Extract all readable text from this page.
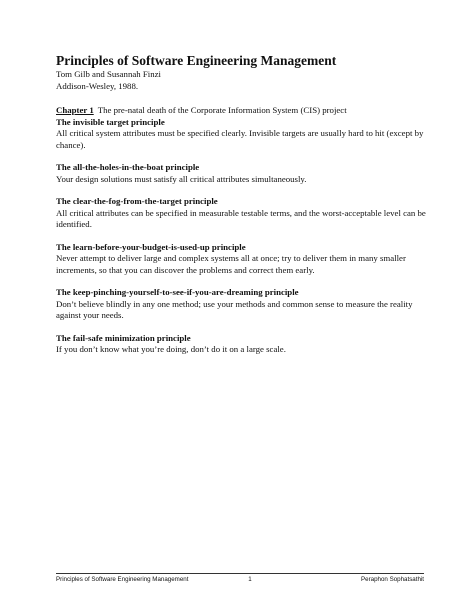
Principles of Software Engineering Management

Tom Gilb and Susannah Finzi

Addison-Wesley, 1988.

Chapter 1 The pre-natal death of the Corporate Information System (CIS) project

The invisible target principle

All critical system attributes must be specified clearly. Invisible targets are usually hard to hit (except by chance).

The all-the-holes-in-the-boat principle

Your design solutions must satisfy all critical attributes simultaneously.

The clear-the-fog-from-the-target principle

All critical attributes can be specified in measurable testable terms, and the worst-acceptable level can be identified.

The learn-before-your-budget-is-used-up principle

Never attempt to deliver large and complex systems all at once; try to deliver them in many smaller increments, so that you can discover the problems and correct them early.

The keep-pinching-yourself-to-see-if-you-are-dreaming principle

Don’t believe blindly in any one method; use your methods and common sense to measure the reality against your needs.

The fail-safe minimization principle

If you don’t know what you’re doing, don’t do it on a large scale.

Principles of Software Engineering Management	1	Peraphon Sophatsathit
